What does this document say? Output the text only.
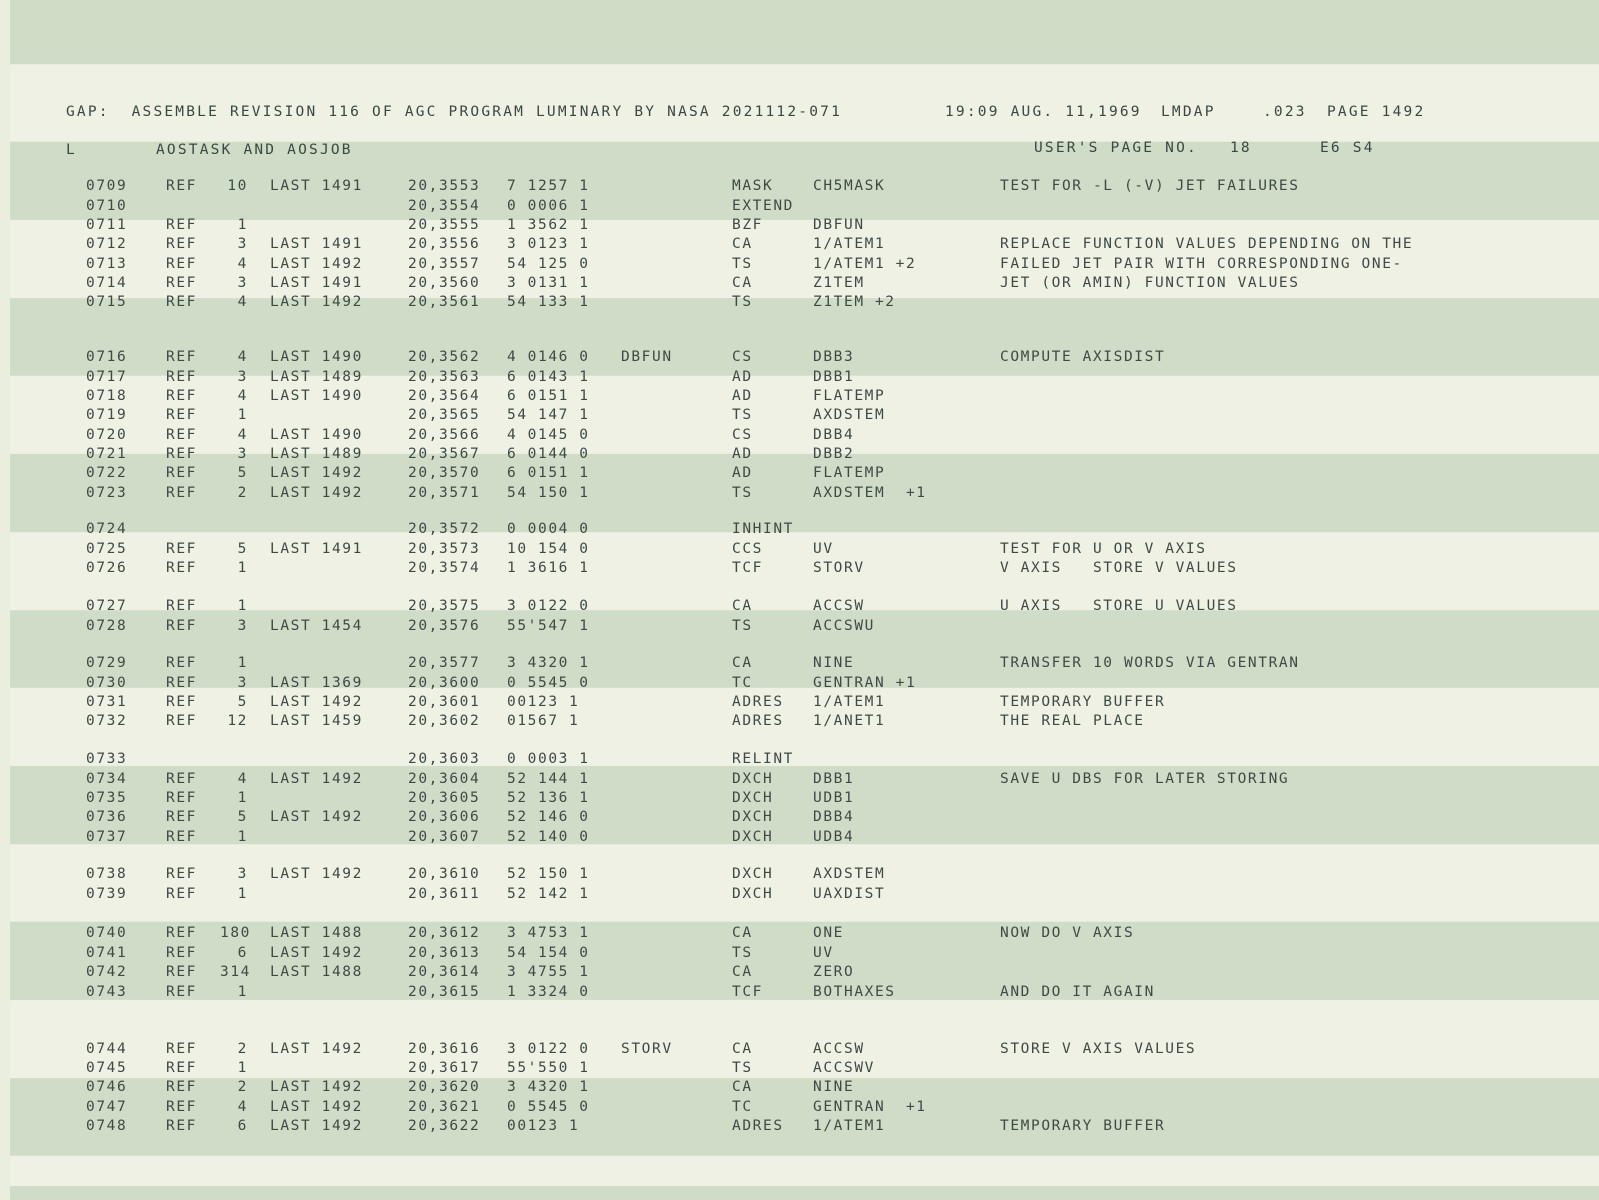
GAP:  ASSEMBLE REVISION 116 OF AGC PROGRAM LUMINARY BY NASA 2021112-071	19:09 AUG. 11,1969 LMDAP	.023 PAGE 1492
L	AOSTASK AND AOSJOB	USER'S PAGE NO. 18	E6 S4
0709	REF	10 LAST 1491	20,3553 7 1257 1	MASK	CH5MASK	TEST FOR -L (-V) JET FAILURES
0710	20,3554 0 0006 1	EXTEND
0711	REF	1	20,3555 1 3562 1	BZF	DBFUN
0712	REF	3 LAST 1491	20,3556 3 0123 1	CA	1/ATEM1	REPLACE FUNCTION VALUES DEPENDING ON THE
0713	REF	4 LAST 1492	20,3557 54 125 0	TS	1/ATEM1 +2	FAILED JET PAIR WITH CORRESPONDING ONE-
0714	REF	3 LAST 1491	20,3560 3 0131 1	CA	Z1TEM	JET (OR AMIN) FUNCTION VALUES
0715	REF	4 LAST 1492	20,3561 54 133 1	TS	Z1TEM +2
0716	REF	4 LAST 1490	20,3562 4 0146 0 DBFUN	CS	DBB3	COMPUTE AXISDIST
0717	REF	3 LAST 1489	20,3563 6 0143 1	AD	DBB1
0718	REF	4 LAST 1490	20,3564 6 0151 1	AD	FLATEMP
0719	REF	1	20,3565 54 147 1	TS	AXDSTEM
0720	REF	4 LAST 1490	20,3566 4 0145 0	CS	DBB4
0721	REF	3 LAST 1489	20,3567 6 0144 0	AD	DBB2
0722	REF	5 LAST 1492	20,3570 6 0151 1	AD	FLATEMP
0723	REF	2 LAST 1492	20,3571 54 150 1	TS	AXDSTEM  +1
0724	20,3572 0 0004 0	INHINT
0725	REF	5 LAST 1491	20,3573 10 154 0	CCS	UV	TEST FOR U OR V AXIS
0726	REF	1	20,3574 1 3616 1	TCF	STORV	V AXIS   STORE V VALUES
0727	REF	1	20,3575 3 0122 0	CA	ACCSW	U AXIS   STORE U VALUES
0728	REF	3 LAST 1454	20,3576 55'547 1	TS	ACCSWU
0729	REF	1	20,3577 3 4320 1	CA	NINE	TRANSFER 10 WORDS VIA GENTRAN
0730	REF	3 LAST 1369	20,3600 0 5545 0	TC	GENTRAN +1
0731	REF	5 LAST 1492	20,3601 00123 1	ADRES 1/ATEM1	TEMPORARY BUFFER
0732	REF	12 LAST 1459	20,3602 01567 1	ADRES 1/ANET1	THE REAL PLACE
0733	20,3603 0 0003 1	RELINT
0734	REF	4 LAST 1492	20,3604 52 144 1	DXCH	DBB1	SAVE U DBS FOR LATER STORING
0735	REF	1	20,3605 52 136 1	DXCH	UDB1
0736	REF	5 LAST 1492	20,3606 52 146 0	DXCH	DBB4
0737	REF	1	20,3607 52 140 0	DXCH	UDB4
0738	REF	3 LAST 1492	20,3610 52 150 1	DXCH	AXDSTEM
0739	REF	1	20,3611 52 142 1	DXCH	UAXDIST
0740	REF 180 LAST 1488	20,3612 3 4753 1	CA	ONE	NOW DO V AXIS
0741	REF	6 LAST 1492	20,3613 54 154 0	TS	UV
0742	REF 314 LAST 1488	20,3614 3 4755 1	CA	ZERO
0743	REF	1	20,3615 1 3324 0	TCF	BOTHAXES	AND DO IT AGAIN
0744	REF	2 LAST 1492	20,3616 3 0122 0 STORV	CA	ACCSW	STORE V AXIS VALUES
0745	REF	1	20,3617 55'550 1	TS	ACCSWV
0746	REF	2 LAST 1492	20,3620 3 4320 1	CA	NINE
0747	REF	4 LAST 1492	20,3621 0 5545 0	TC	GENTRAN  +1
0748	REF	6 LAST 1492	20,3622 00123 1	ADRES 1/ATEM1	TEMPORARY BUFFER
